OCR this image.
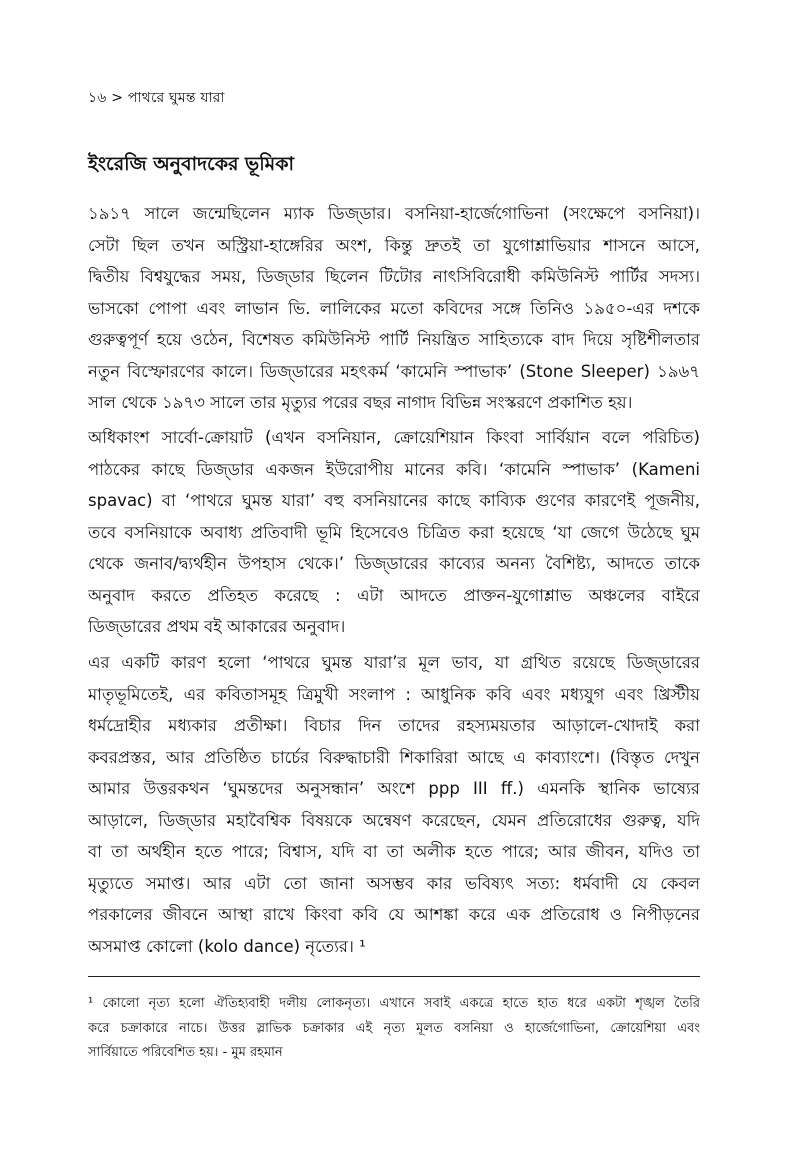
১৬ > পাথরে ঘুমন্ত যারা
ইংরেজি অনুবাদকের ভূমিকা
১৯১৭ সালে জন্মেছিলেন ম্যাক ডিজ্‌ডার। বসনিয়া-হার্জেগোভিনা (সংক্ষেপে বসনিয়া)।
সেটা ছিল তখন অস্ট্রিয়া-হাঙ্গেরির অংশ, কিন্তু দ্রুতই তা যুগোশ্লাভিয়ার শাসনে আসে,
দ্বিতীয় বিশ্বযুদ্ধের সময়, ডিজ্‌ডার ছিলেন টিটোর নাৎসিবিরোধী কমিউনিস্ট পার্টির সদস্য।
ভাসকো পোপা এবং লাভান ভি. লালিকের মতো কবিদের সঙ্গে তিনিও ১৯৫০-এর দশকে
গুরুত্বপূর্ণ হয়ে ওঠেন, বিশেষত কমিউনিস্ট পার্টি নিয়ন্ত্রিত সাহিত্যকে বাদ দিয়ে সৃষ্টিশীলতার
নতুন বিস্ফোরণের কালে। ডিজ্‌ডারের মহৎকর্ম ‘কামেনি স্পাভাক’ (Stone Sleeper) ১৯৬৭
সাল থেকে ১৯৭৩ সালে তার মৃত্যুর পরের বছর নাগাদ বিভিন্ন সংস্করণে প্রকাশিত হয়।
অধিকাংশ সার্বো-ক্রোয়াট (এখন বসনিয়ান, ক্রোয়েশিয়ান কিংবা সার্বিয়ান বলে পরিচিত)
পাঠকের কাছে ডিজ্‌ডার একজন ইউরোপীয় মানের কবি। ‘কামেনি স্পাভাক’ (Kameni
spavac) বা ‘পাথরে ঘুমন্ত যারা’ বহু বসনিয়ানের কাছে কাব্যিক গুণের কারণেই পূজনীয়,
তবে বসনিয়াকে অবাধ্য প্রতিবাদী ভূমি হিসেবেও চিত্রিত করা হয়েছে ‘যা জেগে উঠেছে ঘুম
থেকে জনাব/দ্ব্যর্থহীন উপহাস থেকে।’ ডিজ্‌ডারের কাব্যের অনন্য বৈশিষ্ট্য, আদতে তাকে
অনুবাদ করতে প্রতিহত করেছে : এটা আদতে প্রাক্তন-যুগোশ্লাভ অঞ্চলের বাইরে
ডিজ্‌ডারের প্রথম বই আকারের অনুবাদ।
এর একটি কারণ হলো ‘পাথরে ঘুমন্ত যারা’র মূল ভাব, যা গ্রথিত রয়েছে ডিজ্‌ডারের
মাতৃভূমিতেই, এর কবিতাসমূহ ত্রিমুখী সংলাপ : আধুনিক কবি এবং মধ্যযুগ এবং খ্রিস্টীয়
ধর্মদ্রোহীর মধ্যকার প্রতীক্ষা। বিচার দিন তাদের রহস্যময়তার আড়ালে-খোদাই করা
কবরপ্রস্তর, আর প্রতিষ্ঠিত চার্চের বিরুদ্ধাচারী শিকারিরা আছে এ কাব্যাংশে। (বিস্তৃত দেখুন
আমার উত্তরকথন ‘ঘুমন্তদের অনুসন্ধান’ অংশে ppp III ff.) এমনকি স্থানিক ভাষ্যের
আড়ালে, ডিজ্‌ডার মহাবৈশ্বিক বিষয়কে অন্বেষণ করেছেন, যেমন প্রতিরোধের গুরুত্ব, যদি
বা তা অর্থহীন হতে পারে; বিশ্বাস, যদি বা তা অলীক হতে পারে; আর জীবন, যদিও তা
মৃত্যুতে সমাপ্ত। আর এটা তো জানা অসম্ভব কার ভবিষ্যৎ সত্য: ধর্মবাদী যে কেবল
পরকালের জীবনে আস্থা রাখে কিংবা কবি যে আশঙ্কা করে এক প্রতিরোধ ও নিপীড়নের
অসমাপ্ত কোলো (kolo dance) নৃত্যের। ¹
¹ কোলো নৃত্য হলো ঐতিহ্যবাহী দলীয় লোকনৃত্য। এখানে সবাই একত্রে হাতে হাত ধরে একটা শৃঙ্খল তৈরি
করে চক্রাকারে নাচে। উত্তর স্লাভিক চক্রাকার এই নৃত্য মূলত বসনিয়া ও হার্জেগোভিনা, ক্রোয়েশিয়া এবং
সার্বিয়াতে পরিবেশিত হয়। - মুম রহমান
